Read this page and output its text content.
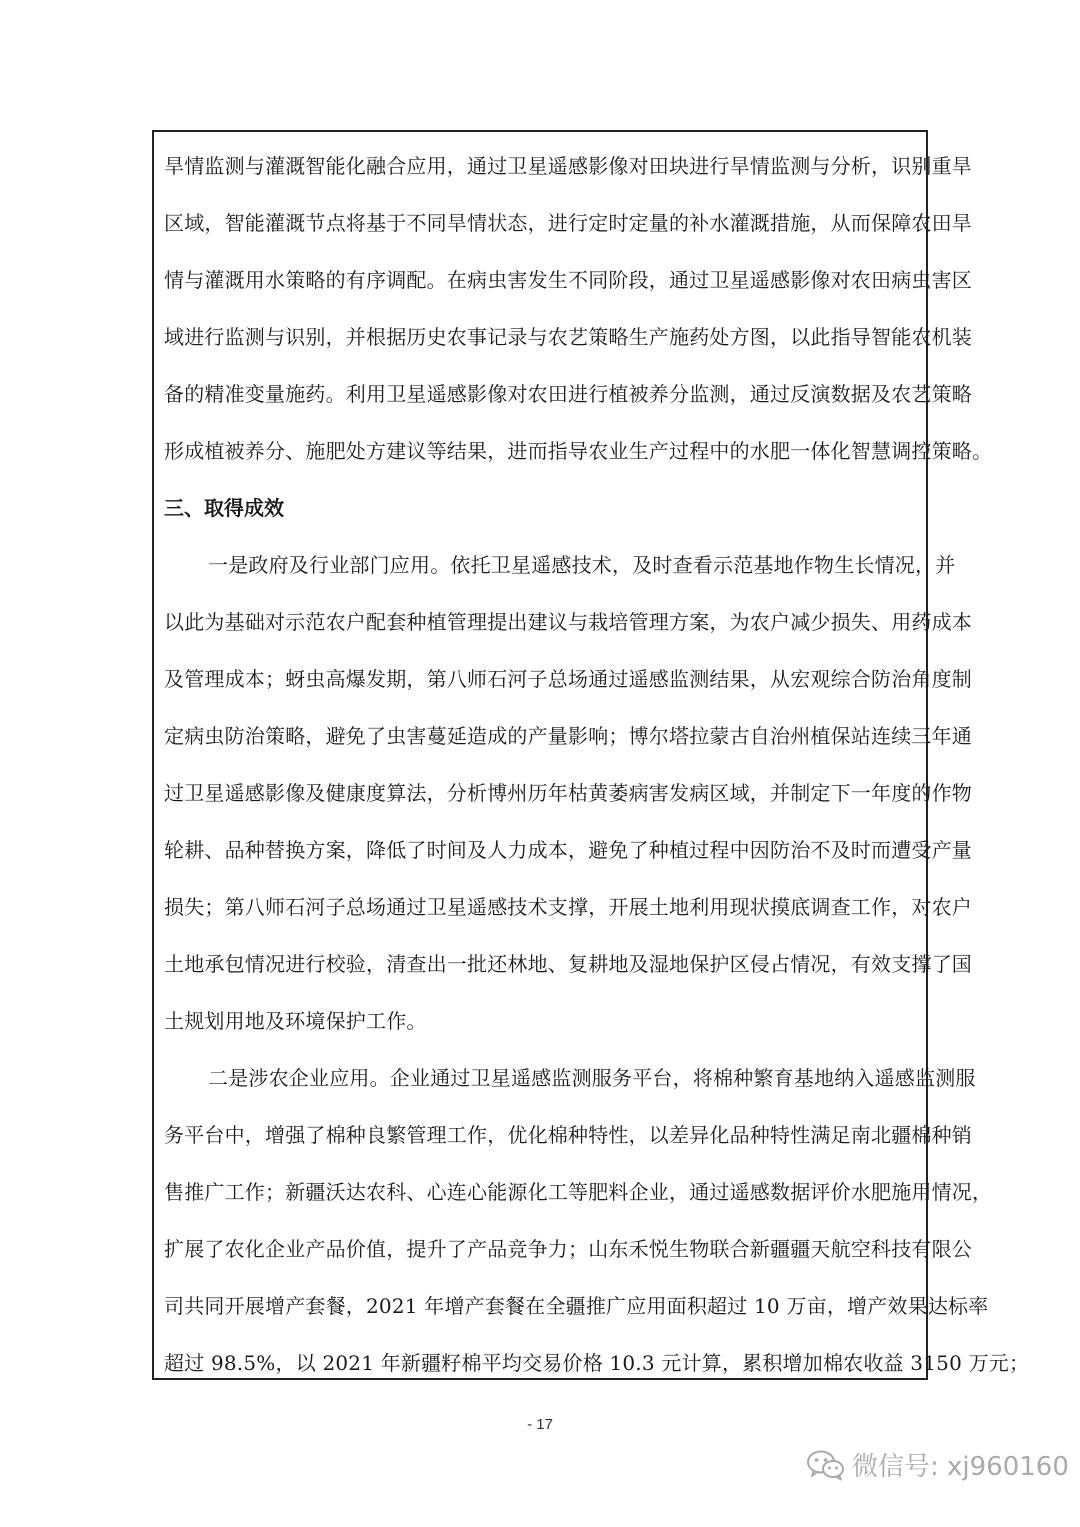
旱情监测与灌溉智能化融合应用，通过卫星遥感影像对田块进行旱情监测与分析，识别重旱
区域，智能灌溉节点将基于不同旱情状态，进行定时定量的补水灌溉措施，从而保障农田旱
情与灌溉用水策略的有序调配。在病虫害发生不同阶段，通过卫星遥感影像对农田病虫害区
域进行监测与识别，并根据历史农事记录与农艺策略生产施药处方图，以此指导智能农机装
备的精准变量施药。利用卫星遥感影像对农田进行植被养分监测，通过反演数据及农艺策略
形成植被养分、施肥处方建议等结果，进而指导农业生产过程中的水肥一体化智慧调控策略。
三、取得成效
一是政府及行业部门应用。依托卫星遥感技术，及时查看示范基地作物生长情况，并
以此为基础对示范农户配套种植管理提出建议与栽培管理方案，为农户减少损失、用药成本
及管理成本；蚜虫高爆发期，第八师石河子总场通过遥感监测结果，从宏观综合防治角度制
定病虫防治策略，避免了虫害蔓延造成的产量影响；博尔塔拉蒙古自治州植保站连续三年通
过卫星遥感影像及健康度算法，分析博州历年枯黄萎病害发病区域，并制定下一年度的作物
轮耕、品种替换方案，降低了时间及人力成本，避免了种植过程中因防治不及时而遭受产量
损失；第八师石河子总场通过卫星遥感技术支撑，开展土地利用现状摸底调查工作，对农户
土地承包情况进行校验，清查出一批还林地、复耕地及湿地保护区侵占情况，有效支撑了国
土规划用地及环境保护工作。
二是涉农企业应用。企业通过卫星遥感监测服务平台，将棉种繁育基地纳入遥感监测服
务平台中，增强了棉种良繁管理工作，优化棉种特性，以差异化品种特性满足南北疆棉种销
售推广工作；新疆沃达农科、心连心能源化工等肥料企业，通过遥感数据评价水肥施用情况，
扩展了农化企业产品价值，提升了产品竞争力；山东禾悦生物联合新疆疆天航空科技有限公
司共同开展增产套餐，2021 年增产套餐在全疆推广应用面积超过 10 万亩，增产效果达标率
超过 98.5%，以 2021 年新疆籽棉平均交易价格 10.3 元计算，累积增加棉农收益 3150 万元；
- 17
微信号: xj960160
